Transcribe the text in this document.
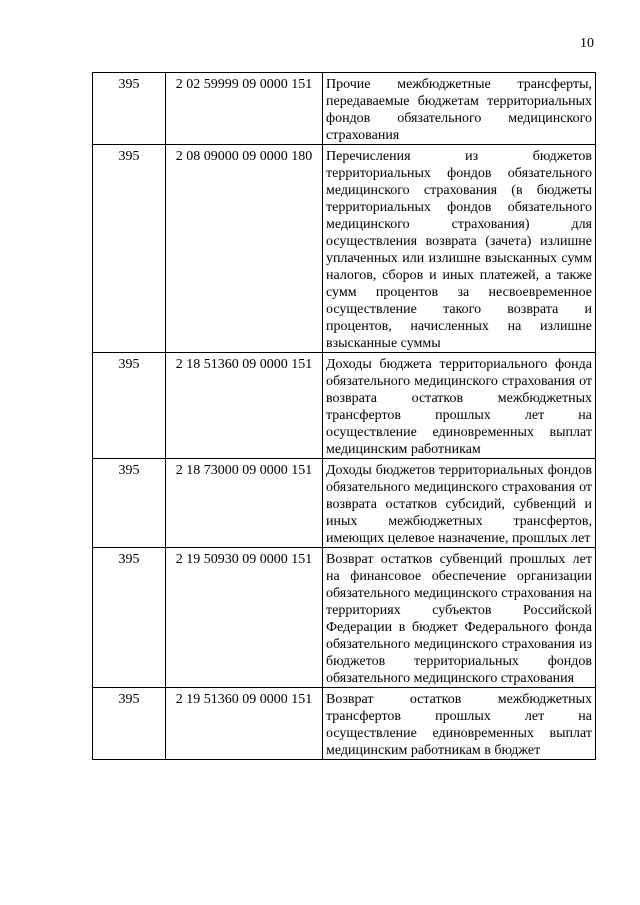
10
395	2 02 59999 09 0000 151	Прочие межбюджетные трансферты, передаваемые бюджетам территориальных фондов обязательного медицинского страхования
395	2 08 09000 09 0000 180	Перечисления из бюджетов территориальных фондов обязательного медицинского страхования (в бюджеты территориальных фондов обязательного медицинского страхования) для осуществления возврата (зачета) излишне уплаченных или излишне взысканных сумм налогов, сборов и иных платежей, а также сумм процентов за несвоевременное осуществление такого возврата и процентов, начисленных на излишне взысканные суммы
395	2 18 51360 09 0000 151	Доходы бюджета территориального фонда обязательного медицинского страхования от возврата остатков межбюджетных трансфертов прошлых лет на осуществление единовременных выплат медицинским работникам
395	2 18 73000 09 0000 151	Доходы бюджетов территориальных фондов обязательного медицинского страхования от возврата остатков субсидий, субвенций и иных межбюджетных трансфертов, имеющих целевое назначение, прошлых лет
395	2 19 50930 09 0000 151	Возврат остатков субвенций прошлых лет на финансовое обеспечение организации обязательного медицинского страхования на территориях субъектов Российской Федерации в бюджет Федерального фонда обязательного медицинского страхования из бюджетов территориальных фондов обязательного медицинского страхования
395	2 19 51360 09 0000 151	Возврат остатков межбюджетных трансфертов прошлых лет на осуществление единовременных выплат медицинским работникам в бюджет
